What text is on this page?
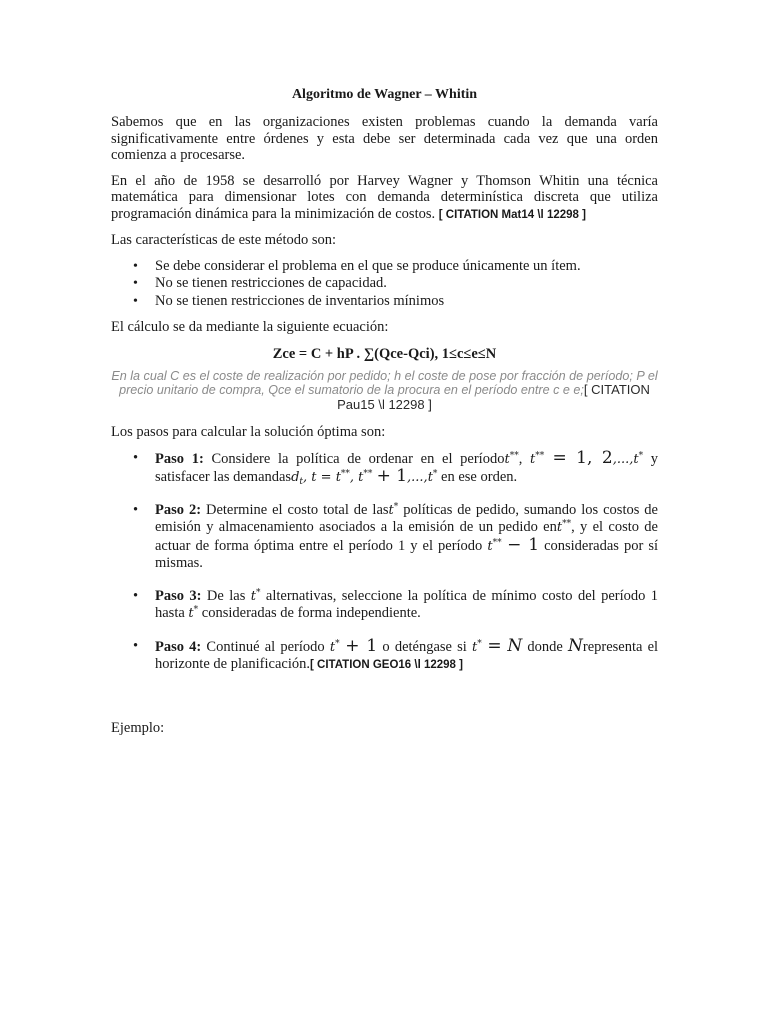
Algoritmo de Wagner – Whitin

Sabemos que en las organizaciones existen problemas cuando la demanda varía significativamente entre órdenes y esta debe ser determinada cada vez que una orden comienza a procesarse.

En el año de 1958 se desarrolló por Harvey Wagner y Thomson Whitin una técnica matemática para dimensionar lotes con demanda determinística discreta que utiliza programación dinámica para la minimización de costos. [ CITATION Mat14 \l 12298 ]

Las características de este método son:

• Se debe considerar el problema en el que se produce únicamente un ítem.
• No se tienen restricciones de capacidad.
• No se tienen restricciones de inventarios mínimos

El cálculo se da mediante la siguiente ecuación:

Zce = C + hP . ∑(Qce-Qci), 1≤c≤e≤N
En la cual C es el coste de realización por pedido; h el coste de pose por fracción de período; P el precio unitario de compra, Qce el sumatorio de la procura en el período entre c e e;[ CITATION Pau15 \l 12298 ]

Los pasos para calcular la solución óptima son:

• Paso 1: Considere la política de ordenar en el períodot**, t** = 1, 2,...,t* y satisfacer las demandasd$_t$, t = t**, t** + 1,...,t* en ese orden.
• Paso 2: Determine el costo total de last* políticas de pedido, sumando los costos de emisión y almacenamiento asociados a la emisión de un pedido ent**, y el costo de actuar de forma óptima entre el período 1 y el período t** − 1 consideradas por sí mismas.
• Paso 3: De las t* alternativas, seleccione la política de mínimo costo del período 1 hasta t* consideradas de forma independiente.
• Paso 4: Continué al período t* + 1 o deténgase si t* = N donde Nrepresenta el horizonte de planificación.[ CITATION GEO16 \l 12298 ]

Ejemplo:
